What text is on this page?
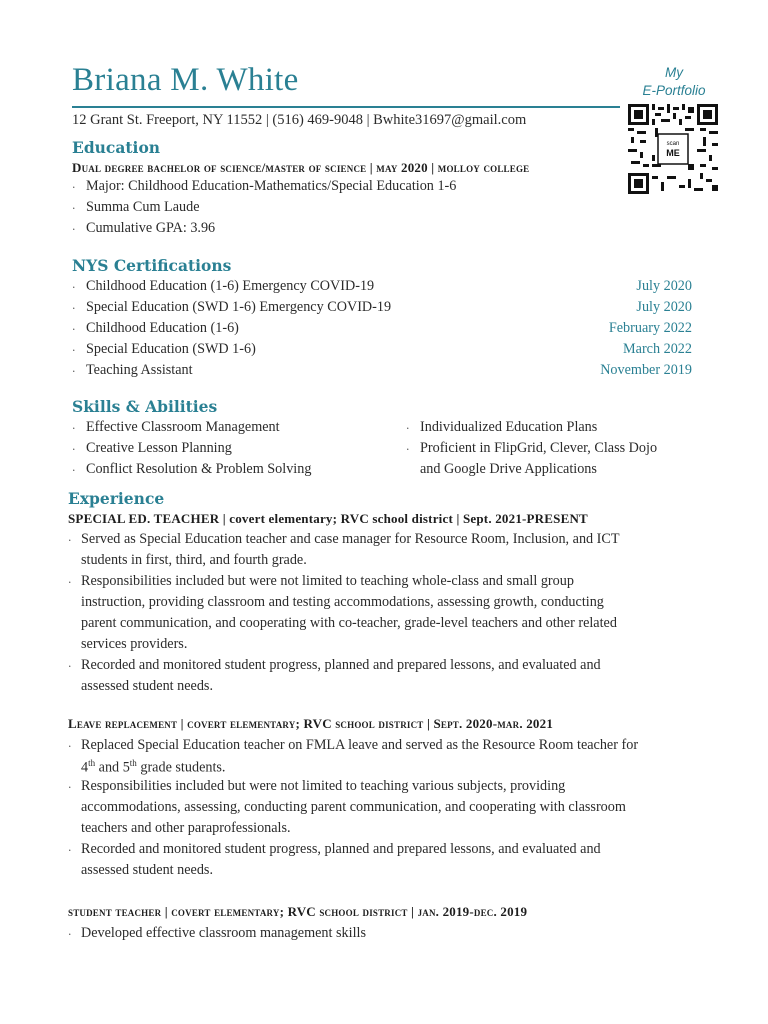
Briana M. White
12 Grant St. Freeport, NY 11552 | (516) 469-9048 | Bwhite31697@gmail.com
My
E-Portfolio
scan
ME
Education
Dual degree bachelor of science/master of science | may 2020 | molloy college
· Major: Childhood Education-Mathematics/Special Education 1-6
· Summa Cum Laude
· Cumulative GPA: 3.96
NYS Certifications
· Childhood Education (1-6) Emergency COVID-19	July 2020
· Special Education (SWD 1-6) Emergency COVID-19	July 2020
· Childhood Education (1-6)	February 2022
· Special Education (SWD 1-6)	March 2022
· Teaching Assistant	November 2019
Skills & Abilities
· Effective Classroom Management
· Creative Lesson Planning
· Conflict Resolution & Problem Solving
· Individualized Education Plans
· Proficient in FlipGrid, Clever, Class Dojo
and Google Drive Applications
Experience
SPECIAL ED. TEACHER | covert elementary; RVC school district | Sept. 2021-PRESENT
· Served as Special Education teacher and case manager for Resource Room, Inclusion, and ICT
students in first, third, and fourth grade.
· Responsibilities included but were not limited to teaching whole-class and small group
instruction, providing classroom and testing accommodations, assessing growth, conducting
parent communication, and cooperating with co-teacher, grade-level teachers and other related
services providers.
· Recorded and monitored student progress, planned and prepared lessons, and evaluated and
assessed student needs.
Leave replacement | covert elementary; RVC school district | Sept. 2020-mar. 2021
· Replaced Special Education teacher on FMLA leave and served as the Resource Room teacher for
4th and 5th grade students.
· Responsibilities included but were not limited to teaching various subjects, providing
accommodations, assessing, conducting parent communication, and cooperating with classroom
teachers and other paraprofessionals.
· Recorded and monitored student progress, planned and prepared lessons, and evaluated and
assessed student needs.
student teacher | covert elementary; RVC school district | jan. 2019-dec. 2019
· Developed effective classroom management skills
